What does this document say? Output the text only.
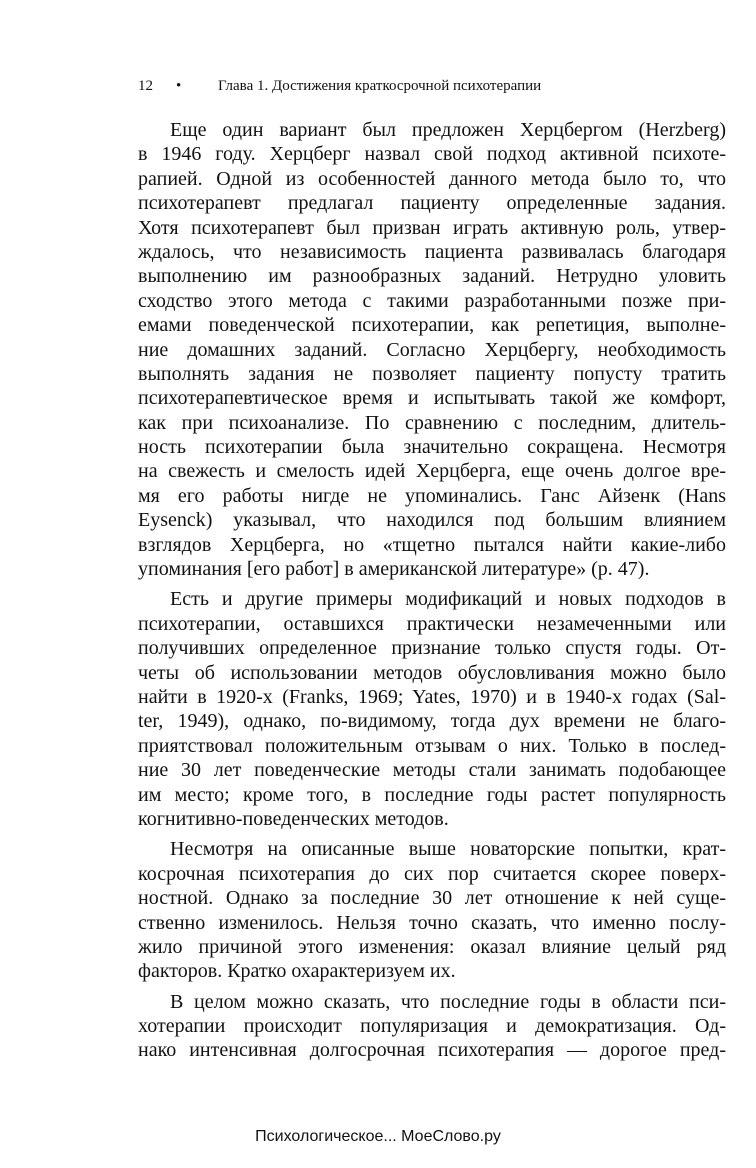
12 • Глава 1. Достижения краткосрочной психотерапии
Еще один вариант был предложен Херцбергом (Herzberg)
в 1946 году. Херцберг назвал свой подход активной психоте-
рапией. Одной из особенностей данного метода было то, что
психотерапевт предлагал пациенту определенные задания.
Хотя психотерапевт был призван играть активную роль, утвер-
ждалось, что независимость пациента развивалась благодаря
выполнению им разнообразных заданий. Нетрудно уловить
сходство этого метода с такими разработанными позже при-
емами поведенческой психотерапии, как репетиция, выполне-
ние домашних заданий. Согласно Херцбергу, необходимость
выполнять задания не позволяет пациенту попусту тратить
психотерапевтическое время и испытывать такой же комфорт,
как при психоанализе. По сравнению с последним, длитель-
ность психотерапии была значительно сокращена. Несмотря
на свежесть и смелость идей Херцберга, еще очень долгое вре-
мя его работы нигде не упоминались. Ганс Айзенк (Hans
Eysenck) указывал, что находился под большим влиянием
взглядов Херцберга, но «тщетно пытался найти какие-либо
упоминания [его работ] в американской литературе» (p. 47).
Есть и другие примеры модификаций и новых подходов в
психотерапии, оставшихся практически незамеченными или
получивших определенное признание только спустя годы. От-
четы об использовании методов обусловливания можно было
найти в 1920-х (Franks, 1969; Yates, 1970) и в 1940-х годах (Sal-
ter, 1949), однако, по-видимому, тогда дух времени не благо-
приятствовал положительным отзывам о них. Только в послед-
ние 30 лет поведенческие методы стали занимать подобающее
им место; кроме того, в последние годы растет популярность
когнитивно-поведенческих методов.
Несмотря на описанные выше новаторские попытки, крат-
косрочная психотерапия до сих пор считается скорее поверх-
ностной. Однако за последние 30 лет отношение к ней суще-
ственно изменилось. Нельзя точно сказать, что именно послу-
жило причиной этого изменения: оказал влияние целый ряд
факторов. Кратко охарактеризуем их.
В целом можно сказать, что последние годы в области пси-
хотерапии происходит популяризация и демократизация. Од-
нако интенсивная долгосрочная психотерапия — дорогое пред-
Психологическое... МоеСлово.ру
